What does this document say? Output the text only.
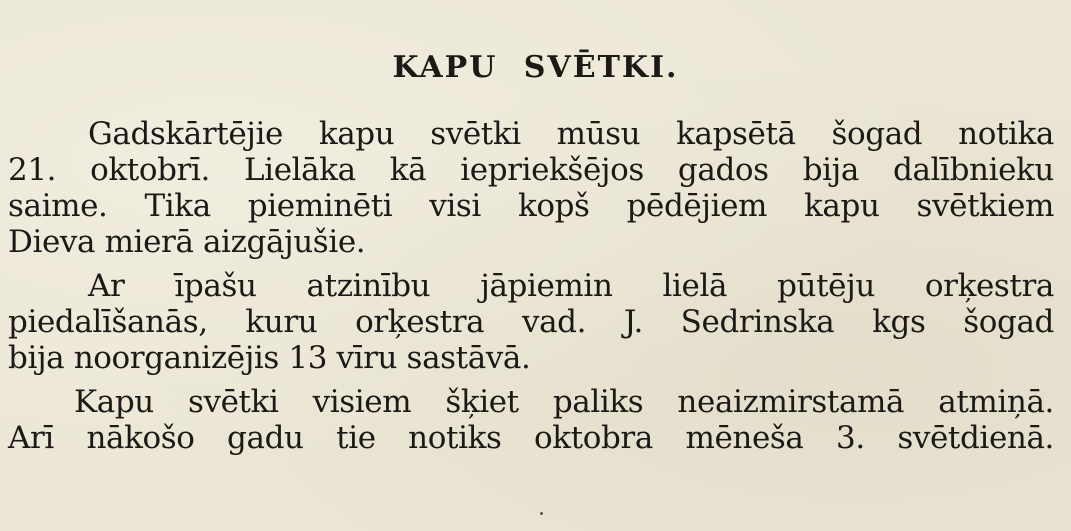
KAPU SVĒTKI.

Gadskārtējie kapu svētki mūsu kapsētā šogad notika
21. oktobrī. Lielāka kā iepriekšējos gados bija dalībnieku
saime. Tika pieminēti visi kopš pēdējiem kapu svētkiem
Dieva mierā aizgājušie.

Ar īpašu atzinību jāpiemin lielā pūtēju orķestra
piedalīšanās, kuru orķestra vad. J. Sedrinska kgs šogad
bija noorganizējis 13 vīru sastāvā.

Kapu svētki visiem šķiet paliks neaizmirstamā atmiņā.
Arī nākošo gadu tie notiks oktobra mēneša 3. svētdienā.
